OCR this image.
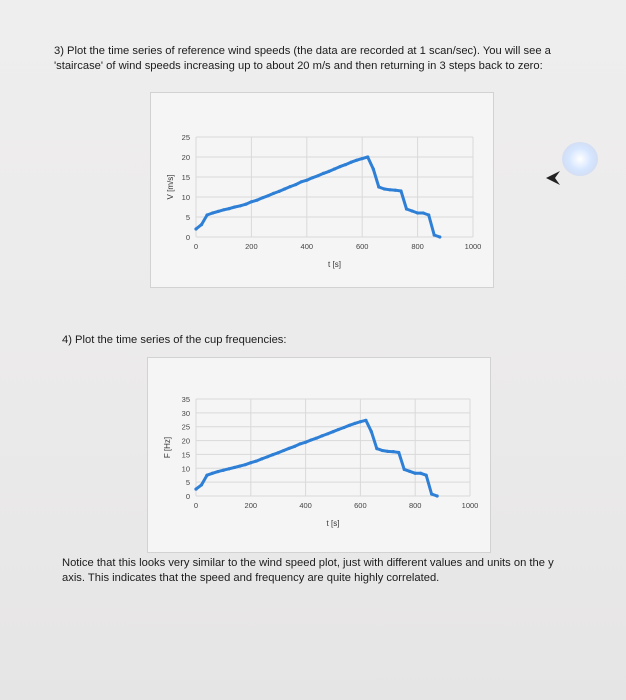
3) Plot the time series of reference wind speeds (the data are recorded at 1 scan/sec). You will see a
'staircase' of wind speeds increasing up to about 20 m/s and then returning in 3 steps back to zero:
0
5
10
15
20
25
0	200	400	600	800	1000
t [s]
V [m/s]
4) Plot the time series of the cup frequencies:
0
5
10
15
20
25
30
35
0	200	400	600	800	1000
t [s]
F [Hz]
Notice that this looks very similar to the wind speed plot, just with different values and units on the y
axis. This indicates that the speed and frequency are quite highly correlated.
